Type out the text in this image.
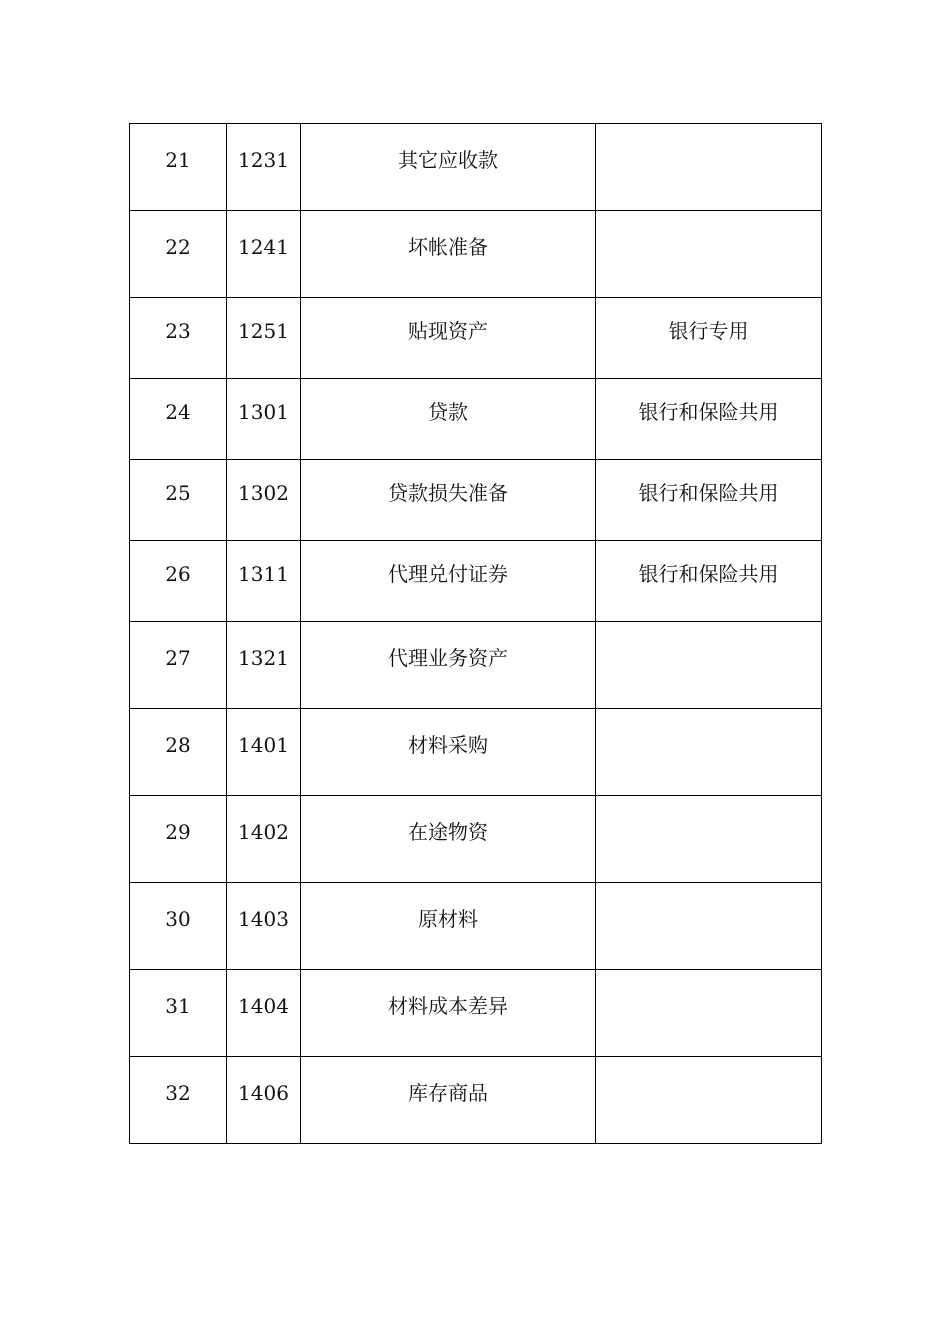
21	1231	其它应收款	

22	1241	坏帐准备	

23	1251	贴现资产	银行专用

24	1301	贷款	银行和保险共用

25	1302	贷款损失准备	银行和保险共用

26	1311	代理兑付证券	银行和保险共用

27	1321	代理业务资产	

28	1401	材料采购	

29	1402	在途物资	

30	1403	原材料	

31	1404	材料成本差异	

32	1406	库存商品	
